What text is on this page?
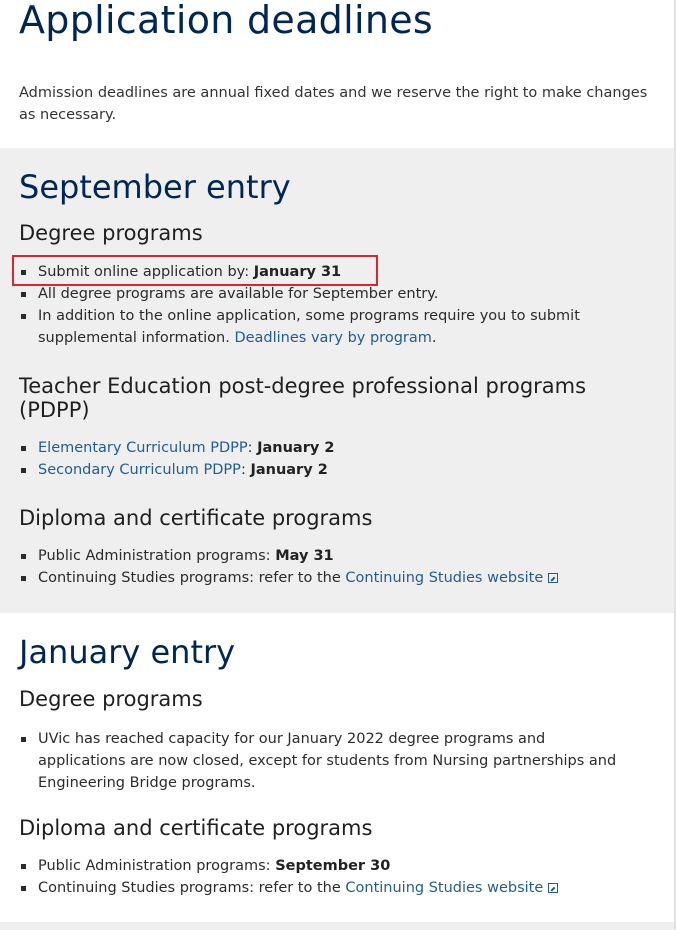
Application deadlines

Admission deadlines are annual fixed dates and we reserve the right to make changes as necessary.

September entry
Degree programs
Submit online application by: January 31
All degree programs are available for September entry.
In addition to the online application, some programs require you to submit supplemental information. Deadlines vary by program.
Teacher Education post-degree professional programs (PDPP)
Elementary Curriculum PDPP: January 2
Secondary Curriculum PDPP: January 2
Diploma and certificate programs
Public Administration programs: May 31
Continuing Studies programs: refer to the Continuing Studies website
January entry
Degree programs
UVic has reached capacity for our January 2022 degree programs and applications are now closed, except for students from Nursing partnerships and Engineering Bridge programs.
Diploma and certificate programs
Public Administration programs: September 30
Continuing Studies programs: refer to the Continuing Studies website
